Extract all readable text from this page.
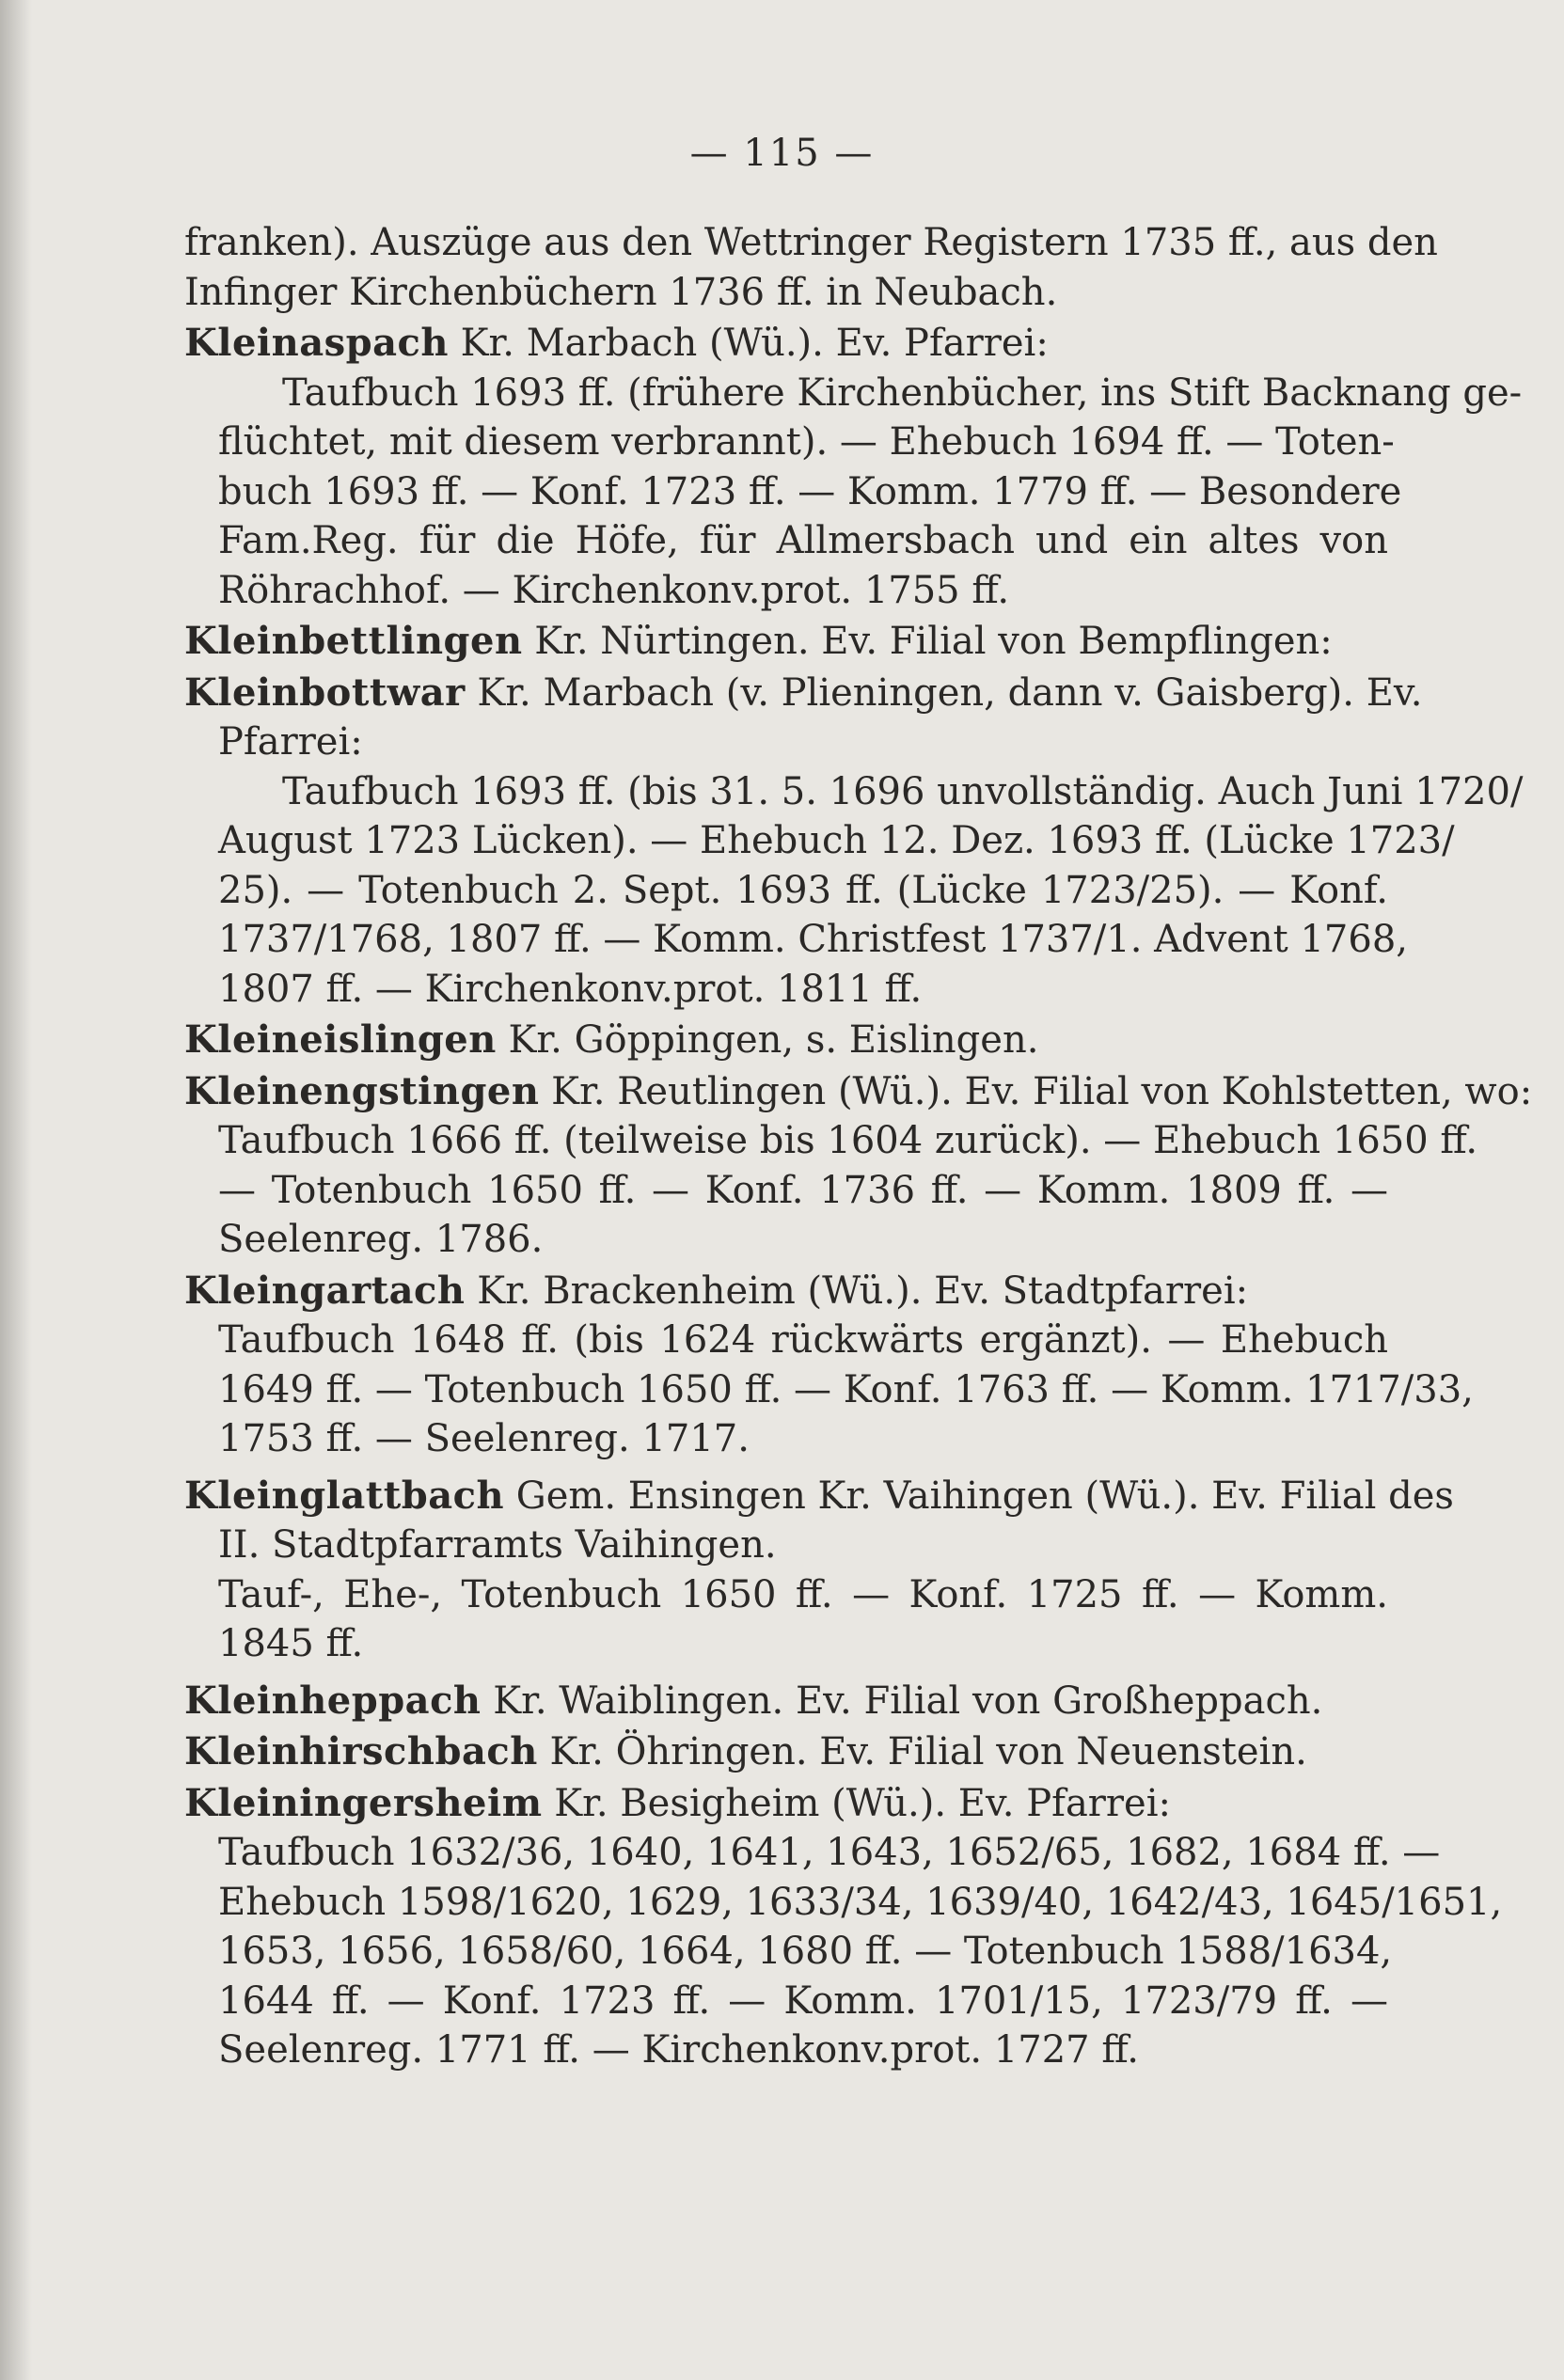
— 115 —
franken). Auszüge aus den Wettringer Registern 1735 ff., aus den
Infinger Kirchenbüchern 1736 ff. in Neubach.
Kleinaspach Kr. Marbach (Wü.). Ev. Pfarrei:
Taufbuch 1693 ff. (frühere Kirchenbücher, ins Stift Backnang ge-
flüchtet, mit diesem verbrannt). — Ehebuch 1694 ff. — Toten-
buch 1693 ff. — Konf. 1723 ff. — Komm. 1779 ff. — Besondere
Fam.Reg. für die Höfe, für Allmersbach und ein altes von
Röhrachhof. — Kirchenkonv.prot. 1755 ff.
Kleinbettlingen Kr. Nürtingen. Ev. Filial von Bempflingen:
Kleinbottwar Kr. Marbach (v. Plieningen, dann v. Gaisberg). Ev.
Pfarrei:
Taufbuch 1693 ff. (bis 31. 5. 1696 unvollständig. Auch Juni 1720/
August 1723 Lücken). — Ehebuch 12. Dez. 1693 ff. (Lücke 1723/
25). — Totenbuch 2. Sept. 1693 ff. (Lücke 1723/25). — Konf.
1737/1768, 1807 ff. — Komm. Christfest 1737/1. Advent 1768,
1807 ff. — Kirchenkonv.prot. 1811 ff.
Kleineislingen Kr. Göppingen, s. Eislingen.
Kleinengstingen Kr. Reutlingen (Wü.). Ev. Filial von Kohlstetten, wo:
Taufbuch 1666 ff. (teilweise bis 1604 zurück). — Ehebuch 1650 ff.
— Totenbuch 1650 ff. — Konf. 1736 ff. — Komm. 1809 ff. —
Seelenreg. 1786.
Kleingartach Kr. Brackenheim (Wü.). Ev. Stadtpfarrei:
Taufbuch 1648 ff. (bis 1624 rückwärts ergänzt). — Ehebuch
1649 ff. — Totenbuch 1650 ff. — Konf. 1763 ff. — Komm. 1717/33,
1753 ff. — Seelenreg. 1717.
Kleinglattbach Gem. Ensingen Kr. Vaihingen (Wü.). Ev. Filial des
II. Stadtpfarramts Vaihingen.
Tauf-, Ehe-, Totenbuch 1650 ff. — Konf. 1725 ff. — Komm.
1845 ff.
Kleinheppach Kr. Waiblingen. Ev. Filial von Großheppach.
Kleinhirschbach Kr. Öhringen. Ev. Filial von Neuenstein.
Kleiningersheim Kr. Besigheim (Wü.). Ev. Pfarrei:
Taufbuch 1632/36, 1640, 1641, 1643, 1652/65, 1682, 1684 ff. —
Ehebuch 1598/1620, 1629, 1633/34, 1639/40, 1642/43, 1645/1651,
1653, 1656, 1658/60, 1664, 1680 ff. — Totenbuch 1588/1634,
1644 ff. — Konf. 1723 ff. — Komm. 1701/15, 1723/79 ff. —
Seelenreg. 1771 ff. — Kirchenkonv.prot. 1727 ff.
